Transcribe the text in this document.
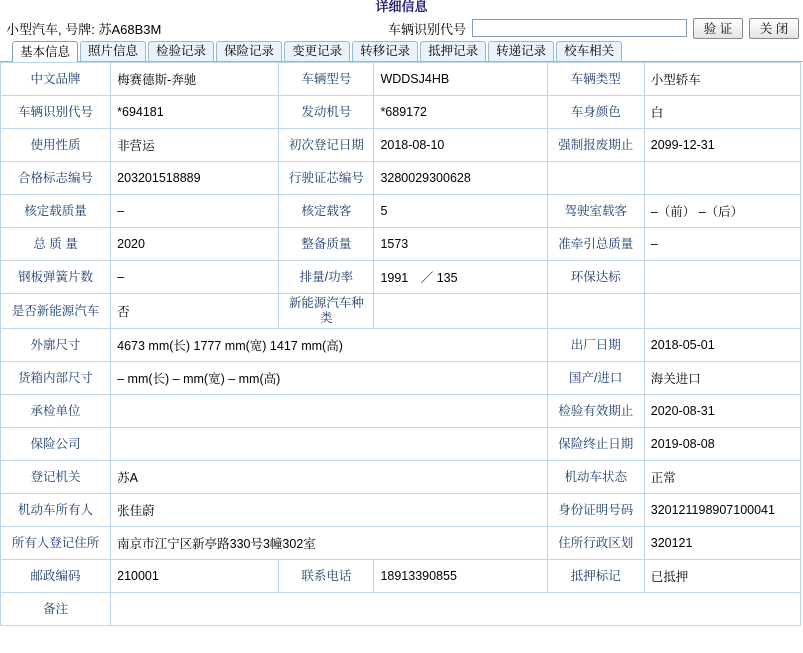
详细信息
小型汽车, 号牌: 苏A68B3M	车辆识别代号	验 证	关 闭
基本信息	照片信息	检验记录	保险记录	变更记录	转移记录	抵押记录	转递记录	校车相关
中文品牌	梅赛德斯-奔驰	车辆型号	WDDSJ4HB	车辆类型	小型轿车
车辆识别代号	*694181	发动机号	*689172	车身颜色	白
使用性质	非营运	初次登记日期	2018-08-10	强制报废期止	2099-12-31
合格标志编号	203201518889	行驶证芯编号	3280029300628		
核定载质量	–	核定载客	5	驾驶室载客	–（前） –（后）
总 质 量	2020	整备质量	1573	准牵引总质量	–
钢板弹簧片数	–	排量/功率	1991　／ 135	环保达标	
是否新能源汽车	否	新能源汽车种类			
外廓尺寸	4673 mm(长) 1777 mm(宽) 1417 mm(高)			出厂日期	2018-05-01
货箱内部尺寸	– mm(长) – mm(宽) – mm(高)			国产/进口	海关进口
承检单位				检验有效期止	2020-08-31
保险公司				保险终止日期	2019-08-08
登记机关	苏A			机动车状态	正常
机动车所有人	张佳蔚			身份证明号码	320121198907100041
所有人登记住所	南京市江宁区新亭路330号3幢302室			住所行政区划	320121
邮政编码	210001	联系电话	18913390855	抵押标记	已抵押
备注					
